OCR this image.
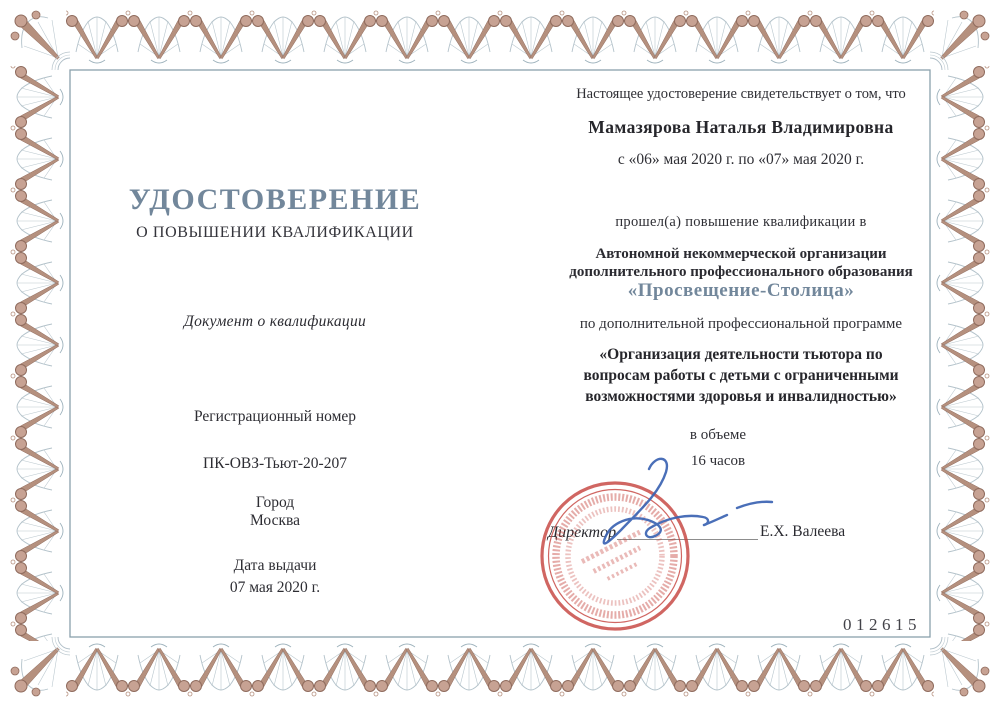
УДОСТОВЕРЕНИЕ
О ПОВЫШЕНИИ КВАЛИФИКАЦИИ
Документ о квалификации
Регистрационный номер
ПК-ОВЗ-Тьют-20-207
Город
Москва
Дата выдачи
07 мая 2020 г.
Настоящее удостоверение свидетельствует о том, что
Мамазярова Наталья Владимировна
с «06» мая 2020 г. по «07» мая 2020 г.
прошел(а) повышение квалификации в
Автономной некоммерческой организации
дополнительного профессионального образования
«Просвещение-Столица»
по дополнительной профессиональной программе
«Организация деятельности тьютора по
вопросам работы с детьми с ограниченными
возможностями здоровья и инвалидностью»
в объеме
16 часов
Директор	Е.Х. Валеева
012615
